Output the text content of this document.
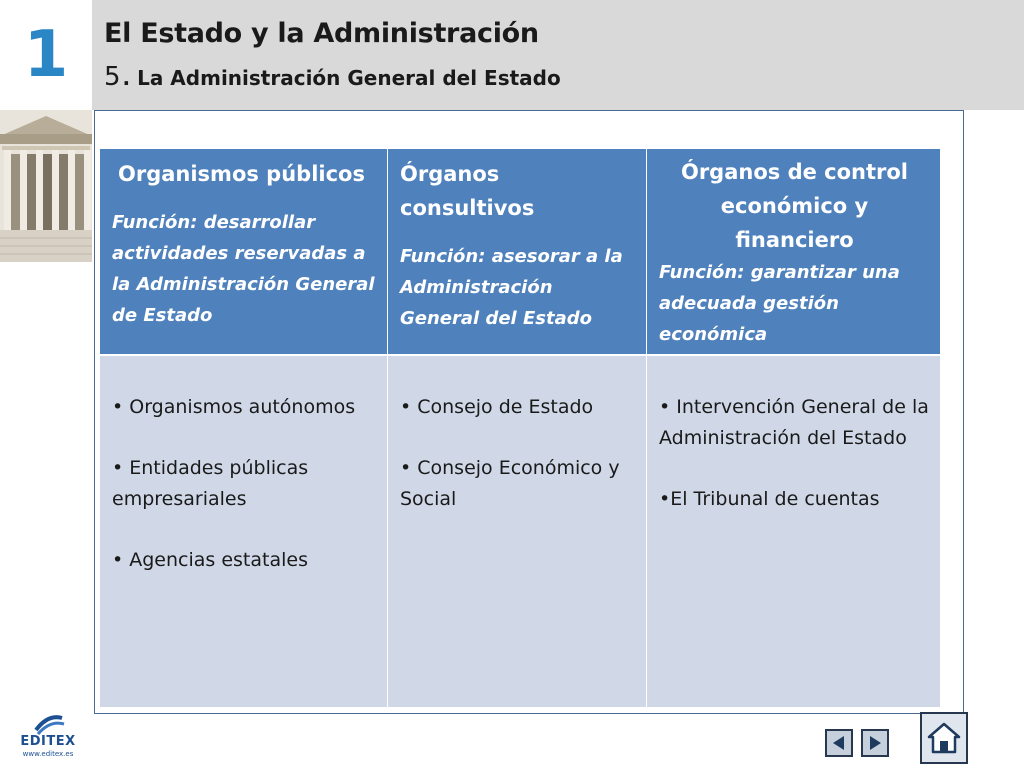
1	El Estado y la Administración
5 . La Administración General del Estado
Organismos públicos
Función: desarrollar actividades reservadas a la Administración General de Estado
Órganos consultivos
Función: asesorar a la Administración General del Estado
Órganos de control económico y financiero
Función: garantizar una adecuada gestión económica
• Organismos autónomos
• Entidades públicas empresariales
• Agencias estatales
• Consejo de Estado
• Consejo Económico y Social
• Intervención General de la Administración del Estado
•El Tribunal de cuentas
EDITEX
www.editex.es
